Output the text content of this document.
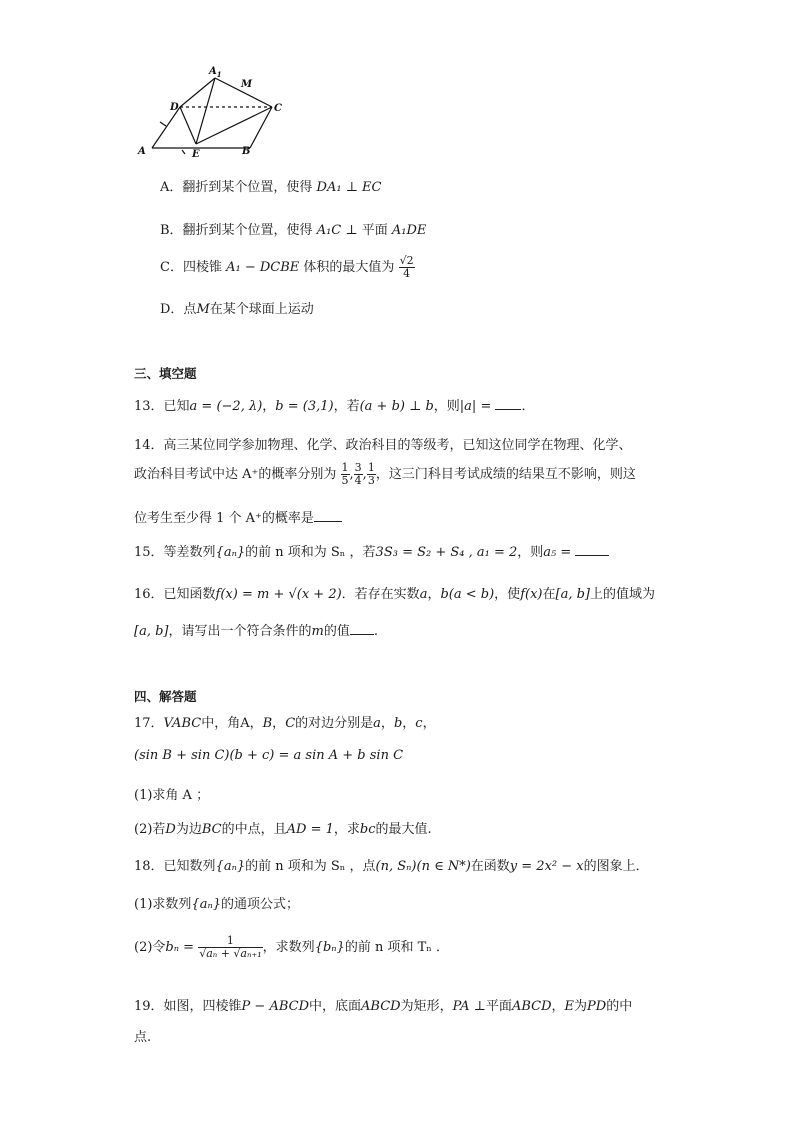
$A_1$
M
D	C
A	E	B
A．翻折到某个位置，使得 DA₁ ⊥ EC
B．翻折到某个位置，使得 A₁C ⊥ 平面 A₁DE
C．四棱锥 A₁ − DCBE 体积的最大值为 $\frac{√2}{4}$
D．点M在某个球面上运动
三、填空题
13．已知a = (−2, λ)，b = (3,1)，若(a + b) ⊥ b，则|a| = ．
14．高三某位同学参加物理、化学、政治科目的等级考，已知这位同学在物理、化学、
政治科目考试中达 A⁺的概率分别为 $\frac{1}{5}$ , $\frac{3}{4}$ , $\frac{1}{3}$ ，这三门科目考试成绩的结果互不影响，则这
位考生至少得 1 个 A⁺的概率是
15．等差数列{aₙ}的前 n 项和为 Sₙ ，若3S₃ = S₂ + S₄ , a₁ = 2，则a₅ =
16．已知函数f(x) = m + √(x + 2)．若存在实数a，b(a < b)，使f(x)在[a, b]上的值域为
[a, b]，请写出一个符合条件的m的值 .
四、解答题
17．VABC中，角A，B，C的对边分别是a，b，c，
(sin B + sin C)(b + c) = a sin A + b sin C
(1)求角 A ；
(2)若D为边BC的中点，且AD = 1，求bc的最大值.
18．已知数列{aₙ}的前 n 项和为 Sₙ ，点(n, Sₙ)(n ∈ N*)在函数y = 2x² − x的图象上．
(1)求数列{aₙ}的通项公式；
(2)令$b_n = \frac{1}{\text{√aₙ + √aₙ₊₁}}$ ，求数列{bₙ}的前 n 项和 Tₙ ．
19．如图，四棱锥P − ABCD中，底面ABCD为矩形，PA ⊥平面ABCD，E为PD的中
点.
